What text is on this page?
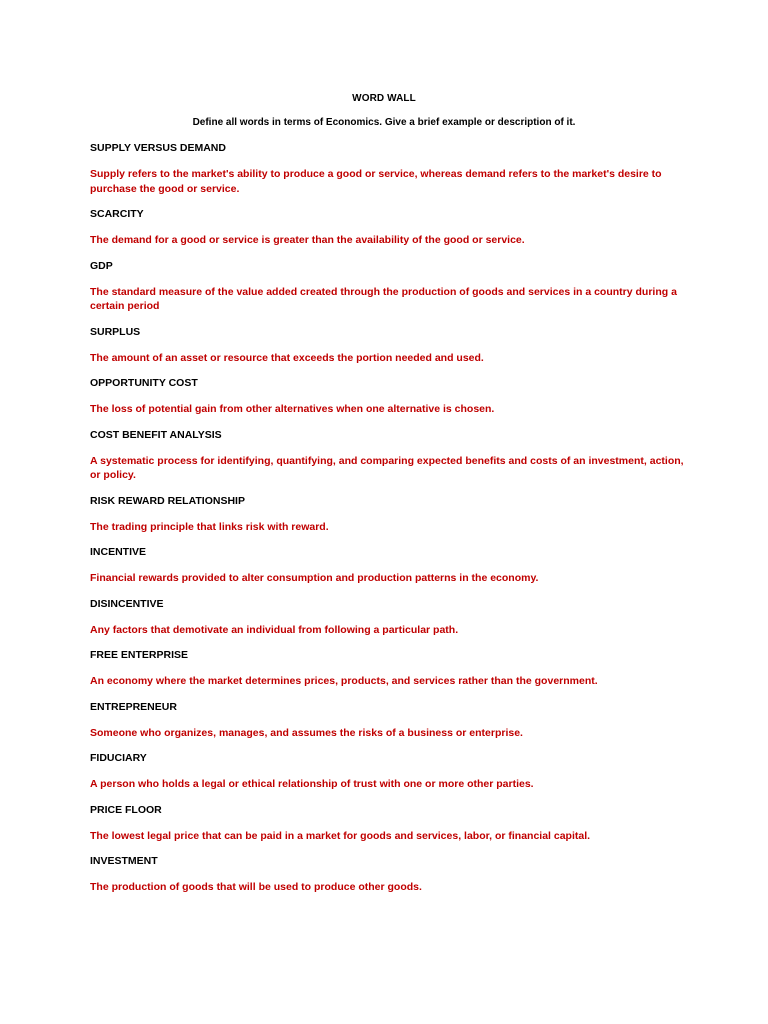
WORD WALL
Define all words in terms of Economics. Give a brief example or description of it.
SUPPLY VERSUS DEMAND
Supply refers to the market's ability to produce a good or service, whereas demand refers to the market's desire to purchase the good or service.
SCARCITY
The demand for a good or service is greater than the availability of the good or service.
GDP
The standard measure of the value added created through the production of goods and services in a country during a certain period
SURPLUS
The amount of an asset or resource that exceeds the portion needed and used.
OPPORTUNITY COST
The loss of potential gain from other alternatives when one alternative is chosen.
COST BENEFIT ANALYSIS
A systematic process for identifying, quantifying, and comparing expected benefits and costs of an investment, action, or policy.
RISK REWARD RELATIONSHIP
The trading principle that links risk with reward.
INCENTIVE
Financial rewards provided to alter consumption and production patterns in the economy.
DISINCENTIVE
Any factors that demotivate an individual from following a particular path.
FREE ENTERPRISE
An economy where the market determines prices, products, and services rather than the government.
ENTREPRENEUR
Someone who organizes, manages, and assumes the risks of a business or enterprise.
FIDUCIARY
A person who holds a legal or ethical relationship of trust with one or more other parties.
PRICE FLOOR
The lowest legal price that can be paid in a market for goods and services, labor, or financial capital.
INVESTMENT
The production of goods that will be used to produce other goods.
